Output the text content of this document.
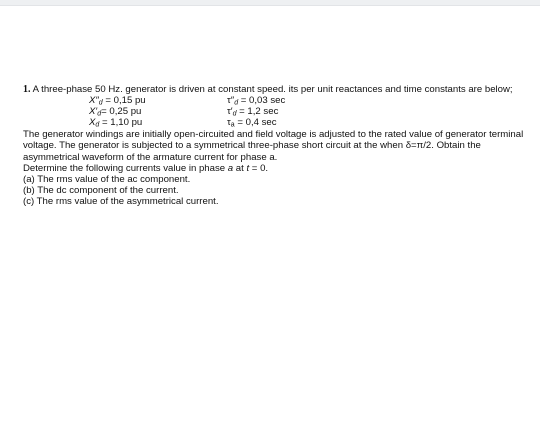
1. A three-phase 50 Hz. generator is driven at constant speed. its per unit reactances and time constants are below;

$X''_d = 0,15$ pu
$X'_d= 0,25$ pu
$X_d = 1,10$ pu
$\tau''_d = 0,03$ sec
$\tau'_d = 1,2$ sec
$\tau_a = 0,4$ sec

The generator windings are initially open-circuited and field voltage is adjusted to the rated value of generator terminal voltage. The generator is subjected to a symmetrical three-phase short circuit at the when δ=π/2. Obtain the asymmetrical waveform of the armature current for phase a.

Determine the following currents value in phase a at t = 0.

(a) The rms value of the ac component.

(b) The dc component of the current.

(c) The rms value of the asymmetrical current.
